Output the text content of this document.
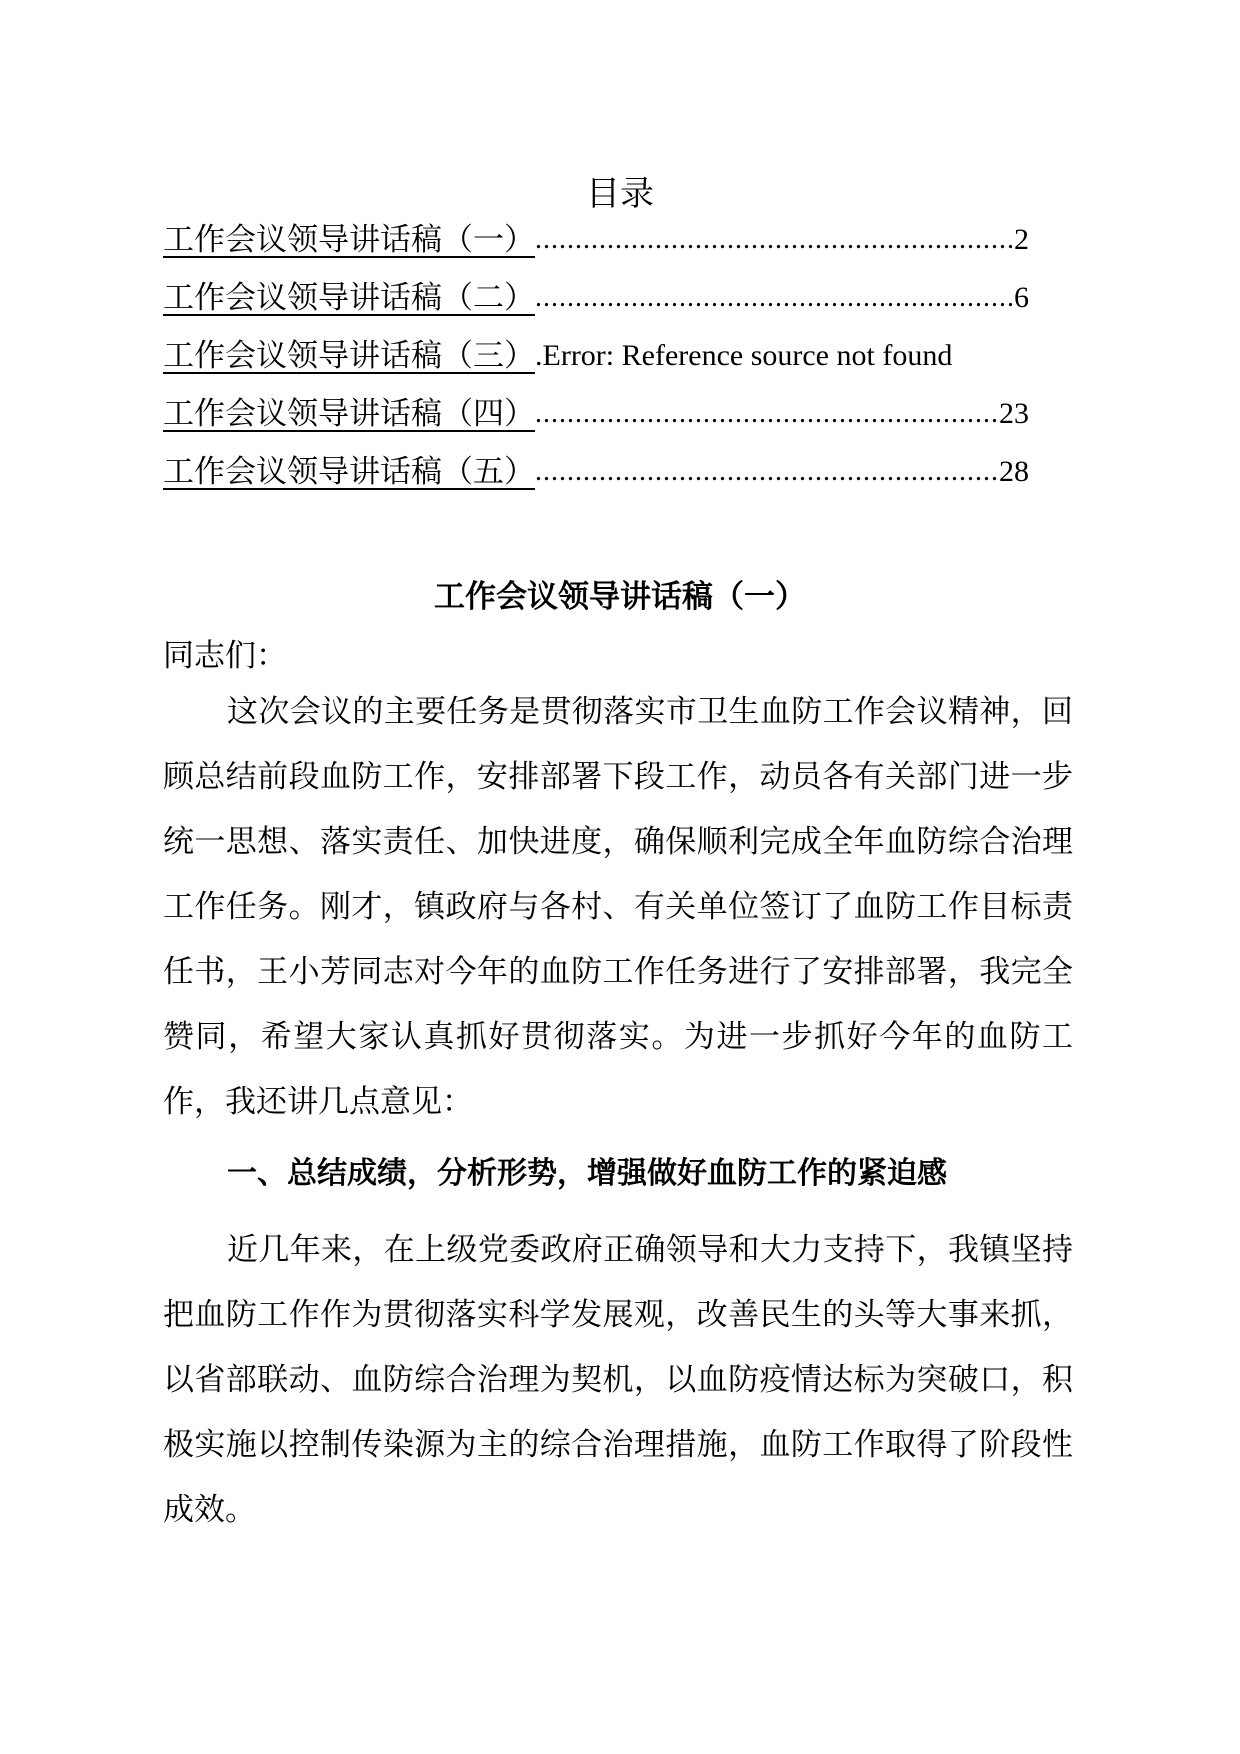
目录
工作会议领导讲话稿（一） .....	2
工作会议领导讲话稿（二） .....	6
工作会议领导讲话稿（三） .Error: Reference source not found
工作会议领导讲话稿（四） .....	23
工作会议领导讲话稿（五） .....	28
工作会议领导讲话稿（一）
同志们：

这次会议的主要任务是贯彻落实市卫生血防工作会议精神，回顾总结前段血防工作，安排部署下段工作，动员各有关部门进一步统一思想、落实责任、加快进度，确保顺利完成全年血防综合治理工作任务。刚才，镇政府与各村、有关单位签订了血防工作目标责任书，王小芳同志对今年的血防工作任务进行了安排部署，我完全赞同，希望大家认真抓好贯彻落实。为进一步抓好今年的血防工作，我还讲几点意见：

一、总结成绩，分析形势，增强做好血防工作的紧迫感

近几年来，在上级党委政府正确领导和大力支持下，我镇坚持把血防工作作为贯彻落实科学发展观，改善民生的头等大事来抓，以省部联动、血防综合治理为契机，以血防疫情达标为突破口，积极实施以控制传染源为主的综合治理措施，血防工作取得了阶段性成效。
